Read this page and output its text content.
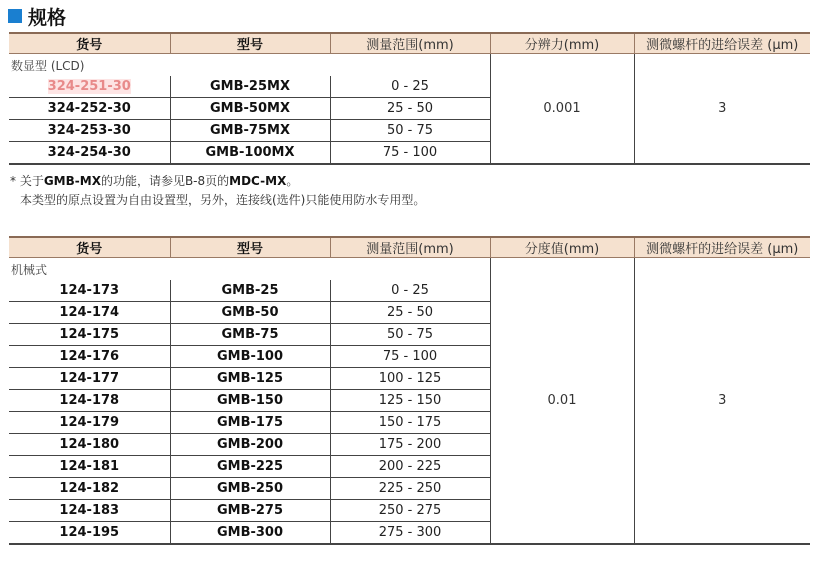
规格
货号	型号	测量范围(mm)	分辨力(mm)	测微螺杆的进给误差 (μm)
数显型 (LCD)			0.001	3
324-251-30	GMB-25MX	0 - 25		
324-252-30	GMB-50MX	25 - 50		
324-253-30	GMB-75MX	50 - 75		
324-254-30	GMB-100MX	75 - 100		
* 关于GMB-MX的功能，请参见B-8页的MDC-MX。
本类型的原点设置为自由设置型，另外，连接线(选件)只能使用防水专用型。
货号	型号	测量范围(mm)	分度值(mm)	测微螺杆的进给误差 (μm)
机械式			0.01	3
124-173	GMB-25	0 - 25		
124-174	GMB-50	25 - 50		
124-175	GMB-75	50 - 75		
124-176	GMB-100	75 - 100		
124-177	GMB-125	100 - 125		
124-178	GMB-150	125 - 150		
124-179	GMB-175	150 - 175		
124-180	GMB-200	175 - 200		
124-181	GMB-225	200 - 225		
124-182	GMB-250	225 - 250		
124-183	GMB-275	250 - 275		
124-195	GMB-300	275 - 300		
